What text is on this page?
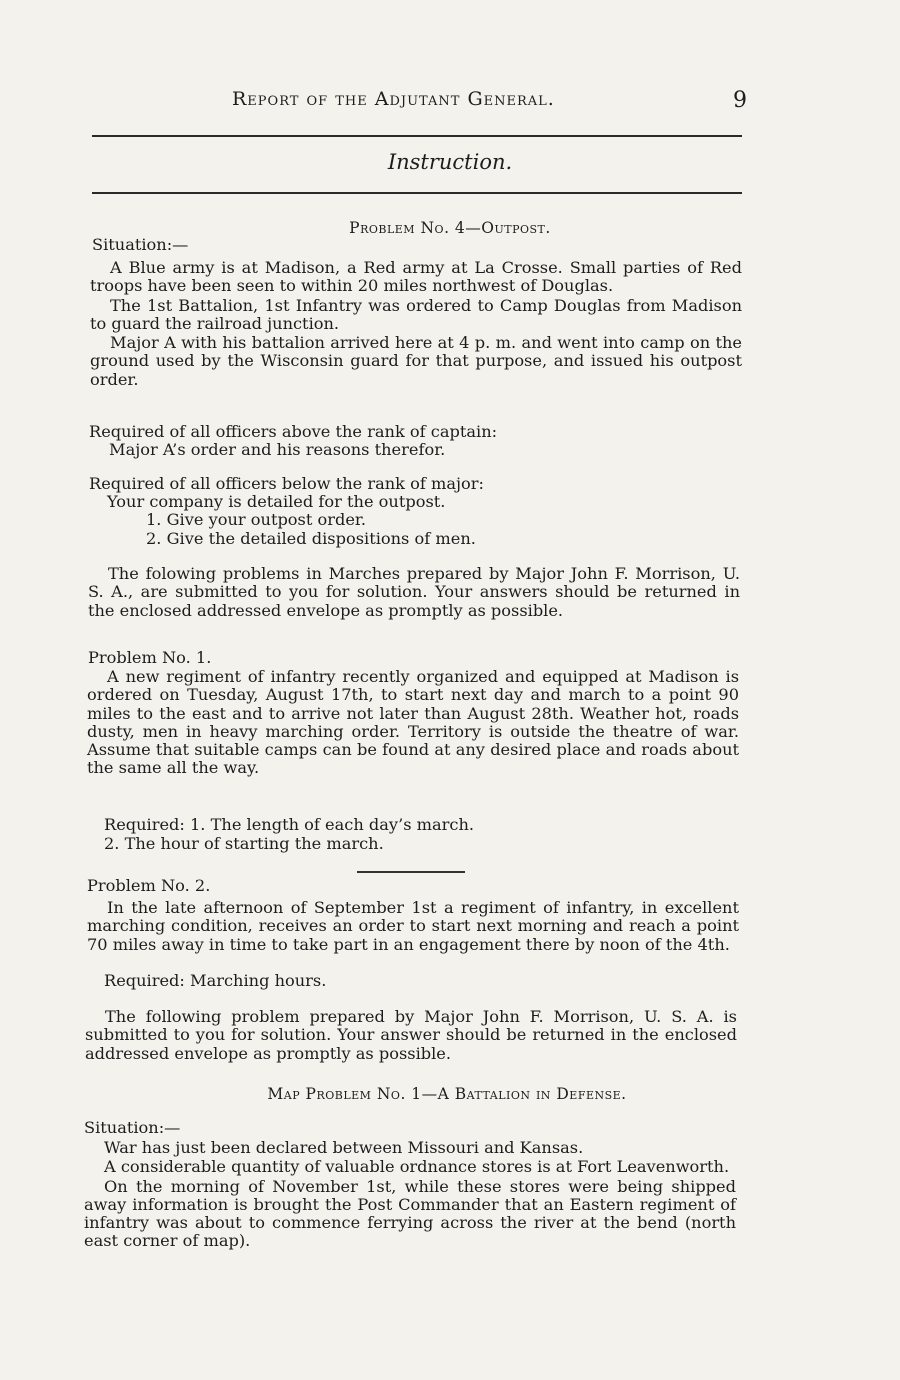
Report of the Adjutant General.	9
Instruction.
Problem No. 4—Outpost.
Situation:—

A Blue army is at Madison, a Red army at La Crosse. Small parties of Red troops have been seen to within 20 miles northwest of Douglas.

The 1st Battalion, 1st Infantry was ordered to Camp Douglas from Madison to guard the railroad junction.

Major A with his battalion arrived here at 4 p. m. and went into camp on the ground used by the Wisconsin guard for that purpose, and issued his outpost order.

Required of all officers above the rank of captain:
Major A’s order and his reasons therefor.
Required of all officers below the rank of major:
Your company is detailed for the outpost.
1. Give your outpost order.
2. Give the detailed dispositions of men.

The folowing problems in Marches prepared by Major John F. Morrison, U. S. A., are submitted to you for solution. Your answers should be returned in the enclosed addressed envelope as promptly as possible.

Problem No. 1.

A new regiment of infantry recently organized and equipped at Madison is ordered on Tuesday, August 17th, to start next day and march to a point 90 miles to the east and to arrive not later than August 28th. Weather hot, roads dusty, men in heavy marching order. Territory is outside the theatre of war. Assume that suitable camps can be found at any desired place and roads about the same all the way.

Required: 1. The length of each day’s march.
2. The hour of starting the march.
Problem No. 2.

In the late afternoon of September 1st a regiment of infantry, in excellent marching condition, receives an order to start next morning and reach a point 70 miles away in time to take part in an engagement there by noon of the 4th.

Required: Marching hours.

The following problem prepared by Major John F. Morrison, U. S. A. is submitted to you for solution. Your answer should be returned in the enclosed addressed envelope as promptly as possible.

Map Problem No. 1—A Battalion in Defense.
Situation:—

War has just been declared between Missouri and Kansas.

A considerable quantity of valuable ordnance stores is at Fort Leavenworth.

On the morning of November 1st, while these stores were being shipped away information is brought the Post Commander that an Eastern regiment of infantry was about to commence ferrying across the river at the bend (north east corner of map).
